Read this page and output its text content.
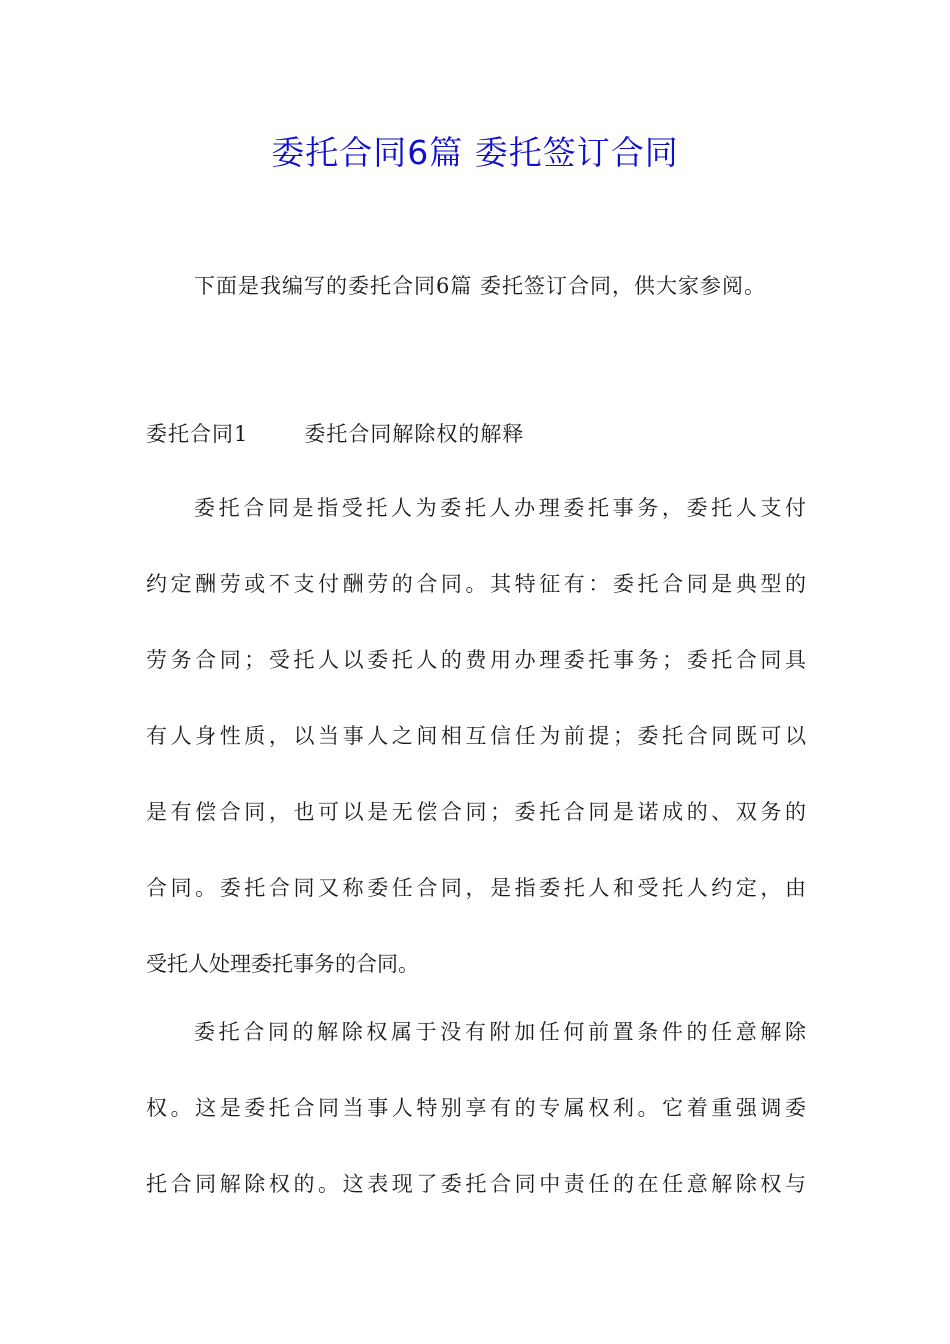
委托合同6篇 委托签订合同
下面是我编写的委托合同6篇 委托签订合同，供大家参阅。
委托合同1	委托合同解除权的解释
委托合同是指受托人为委托人办理委托事务，委托人支付
约定酬劳或不支付酬劳的合同。其特征有：委托合同是典型的
劳务合同；受托人以委托人的费用办理委托事务；委托合同具
有人身性质，以当事人之间相互信任为前提；委托合同既可以
是有偿合同，也可以是无偿合同；委托合同是诺成的、双务的
合同。委托合同又称委任合同，是指委托人和受托人约定，由
受托人处理委托事务的合同。
委托合同的解除权属于没有附加任何前置条件的任意解除
权。这是委托合同当事人特别享有的专属权利。它着重强调委
托合同解除权的。这表现了委托合同中责任的在任意解除权与
